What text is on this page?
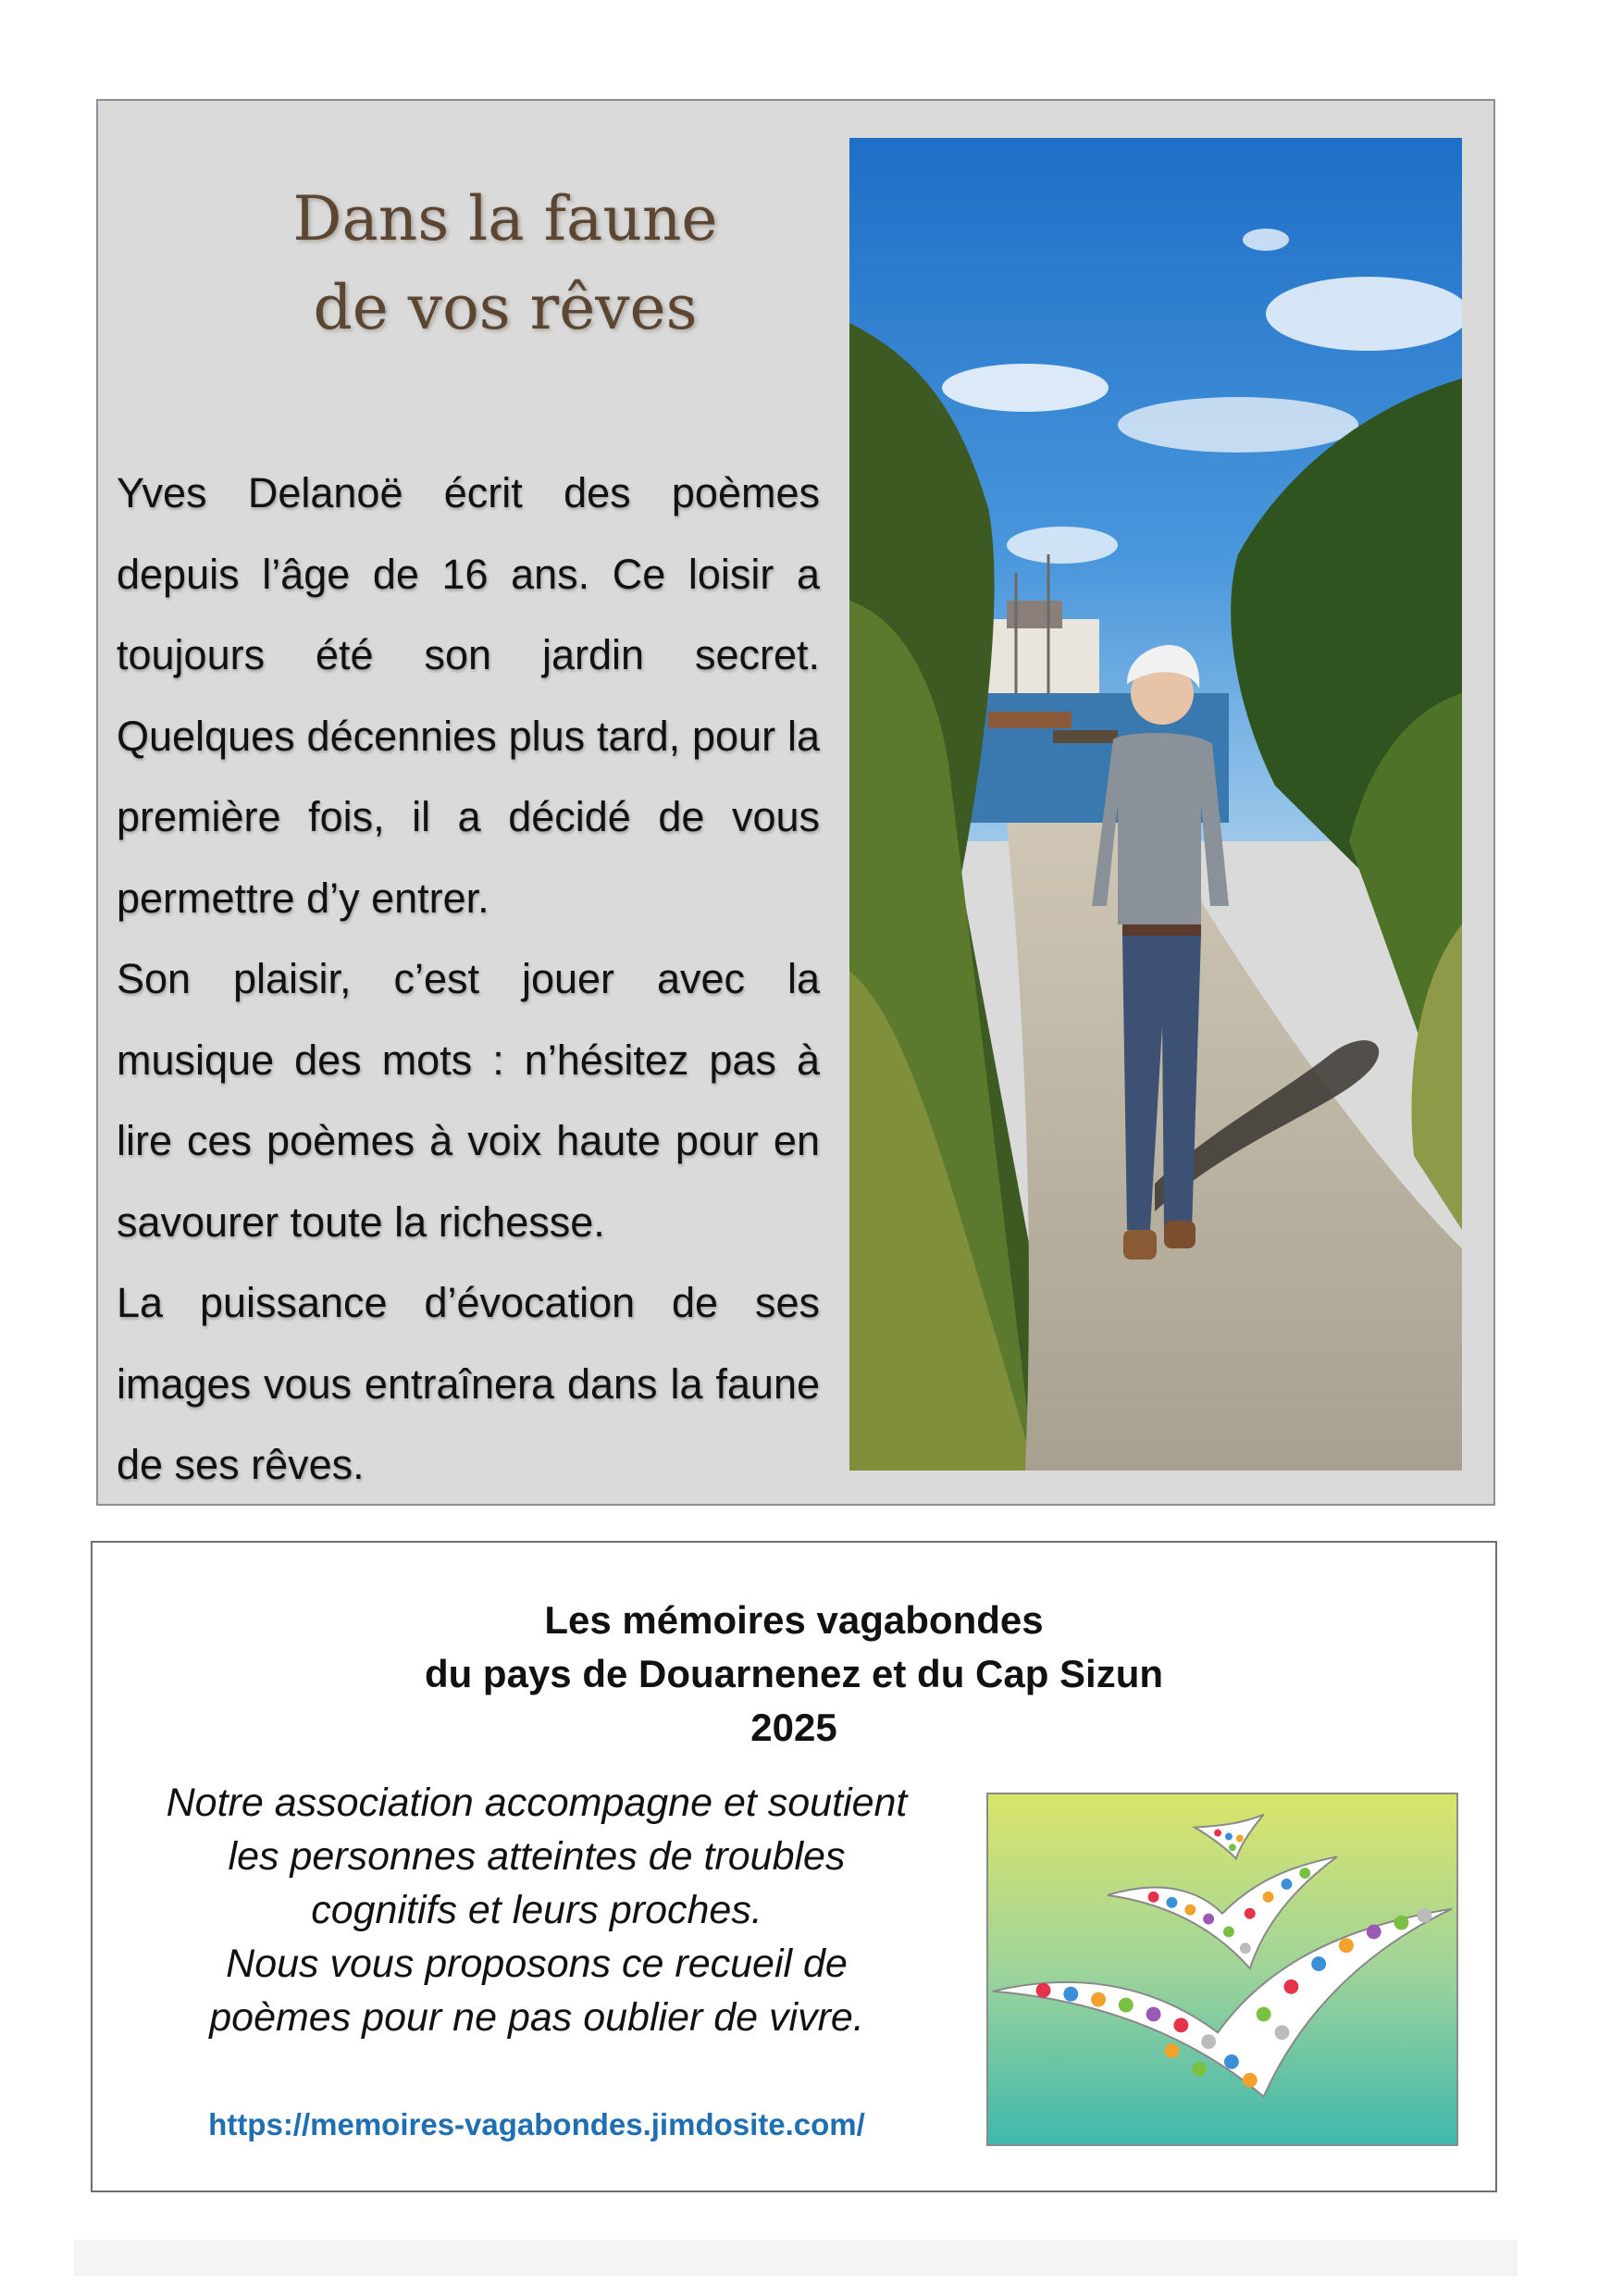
Dans la faune
de vos rêves

Yves Delanoë écrit des poèmes depuis l’âge de 16 ans. Ce loisir a toujours été son jardin secret. Quelques décennies plus tard, pour la première fois, il a décidé de vous permettre d’y entrer.

Son plaisir, c’est jouer avec la musique des mots : n’hésitez pas à lire ces poèmes à voix haute pour en savourer toute la richesse.

La puissance d’évocation de ses images vous entraînera dans la faune de ses rêves.

Les mémoires vagabondes
du pays de Douarnenez et du Cap Sizun
2025
Notre association accompagne et soutient
les personnes atteintes de troubles
cognitifs et leurs proches.
Nous vous proposons ce recueil de
poèmes pour ne pas oublier de vivre.
https://memoires-vagabondes.jimdosite.com/
